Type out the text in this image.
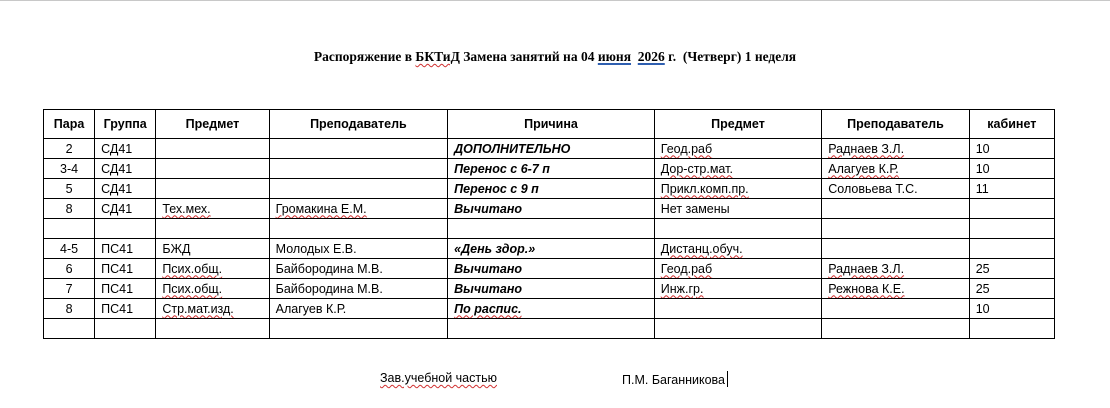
Распоряжение в БКТиД Замена занятий на 04 июня 2026 г.  (Четверг) 1 неделя
Пара	Группа	Предмет	Преподаватель	Причина	Предмет	Преподаватель	кабинет
2	СД41			ДОПОЛНИТЕЛЬНО	Геод.раб	Раднаев З.Л.	10
3-4	СД41			Перенос с 6-7 п	Дор-стр.мат.	Алагуев К.Р.	10
5	СД41			Перенос с 9 п	Прикл.комп.пр.	Соловьева Т.С.	11
8	СД41	Тех.мех.	Громакина Е.М.	Вычитано	Нет замены		

4-5	ПС41	БЖД	Молодых Е.В.	«День здор.»	Дистанц.обуч.		
6	ПС41	Псих.общ.	Байбородина М.В.	Вычитано	Геод.раб	Раднаев З.Л.	25
7	ПС41	Псих.общ.	Байбородина М.В.	Вычитано	Инж.гр.	Режнова К.Е.	25
8	ПС41	Стр.мат.изд.	Алагуев К.Р.	По распис.			10

Зав.учебной частью	П.М. Баганникова
